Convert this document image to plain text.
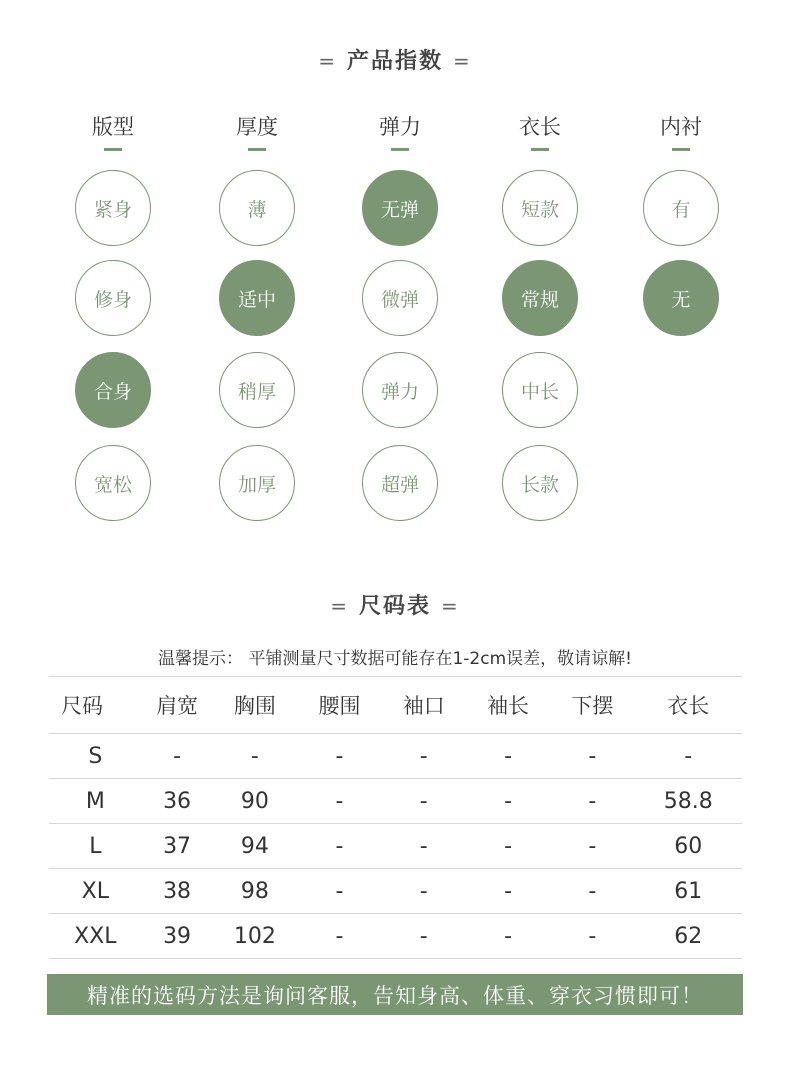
= 产品指数 =
版型
紧身
修身
合身
宽松
厚度
薄
适中
稍厚
加厚
弹力
无弹
微弹
弹力
超弹
衣长
短款
常规
中长
长款
内衬
有
无
= 尺码表 =
温馨提示： 平铺测量尺寸数据可能存在1-2cm误差，敬请谅解!
尺码	肩宽	胸围	腰围	袖口	袖长	下摆	衣长
S	-	-	-	-	-	-	-
M	36	90	-	-	-	-	58.8
L	37	94	-	-	-	-	60
XL	38	98	-	-	-	-	61
XXL	39	102	-	-	-	-	62
精准的选码方法是询问客服，告知身高、体重、穿衣习惯即可！
